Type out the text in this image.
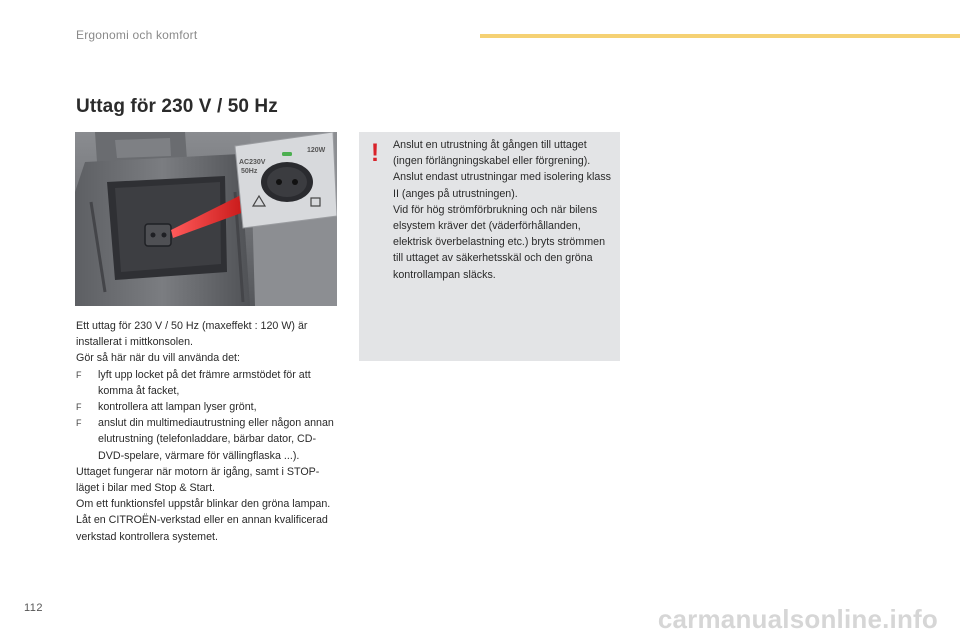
Ergonomi och komfort
Uttag för 230 V / 50 Hz
AC230V
50Hz
120W

Ett uttag för 230 V / 50 Hz (maxeffekt : 120 W) är installerat i mittkonsolen.

Gör så här när du vill använda det:

F	lyft upp locket på det främre armstödet för att komma åt facket,

F	kontrollera att lampan lyser grönt,

F	anslut din multimediautrustning eller någon annan elutrustning (telefonladdare, bärbar dator, CD-DVD-spelare, värmare för vällingflaska ...).

Uttaget fungerar när motorn är igång, samt i STOP-läget i bilar med Stop & Start.

Om ett funktionsfel uppstår blinkar den gröna lampan.

Låt en CITROËN-verkstad eller en annan kvalificerad verkstad kontrollera systemet.

! Anslut en utrustning åt gången till uttaget (ingen förlängningskabel eller förgrening).

Anslut endast utrustningar med isolering klass II (anges på utrustningen).

Vid för hög strömförbrukning och när bilens elsystem kräver det (väderförhållanden, elektrisk överbelastning etc.) bryts strömmen till uttaget av säkerhetsskäl och den gröna kontrollampan släcks.

112	carmanualsonline.info
